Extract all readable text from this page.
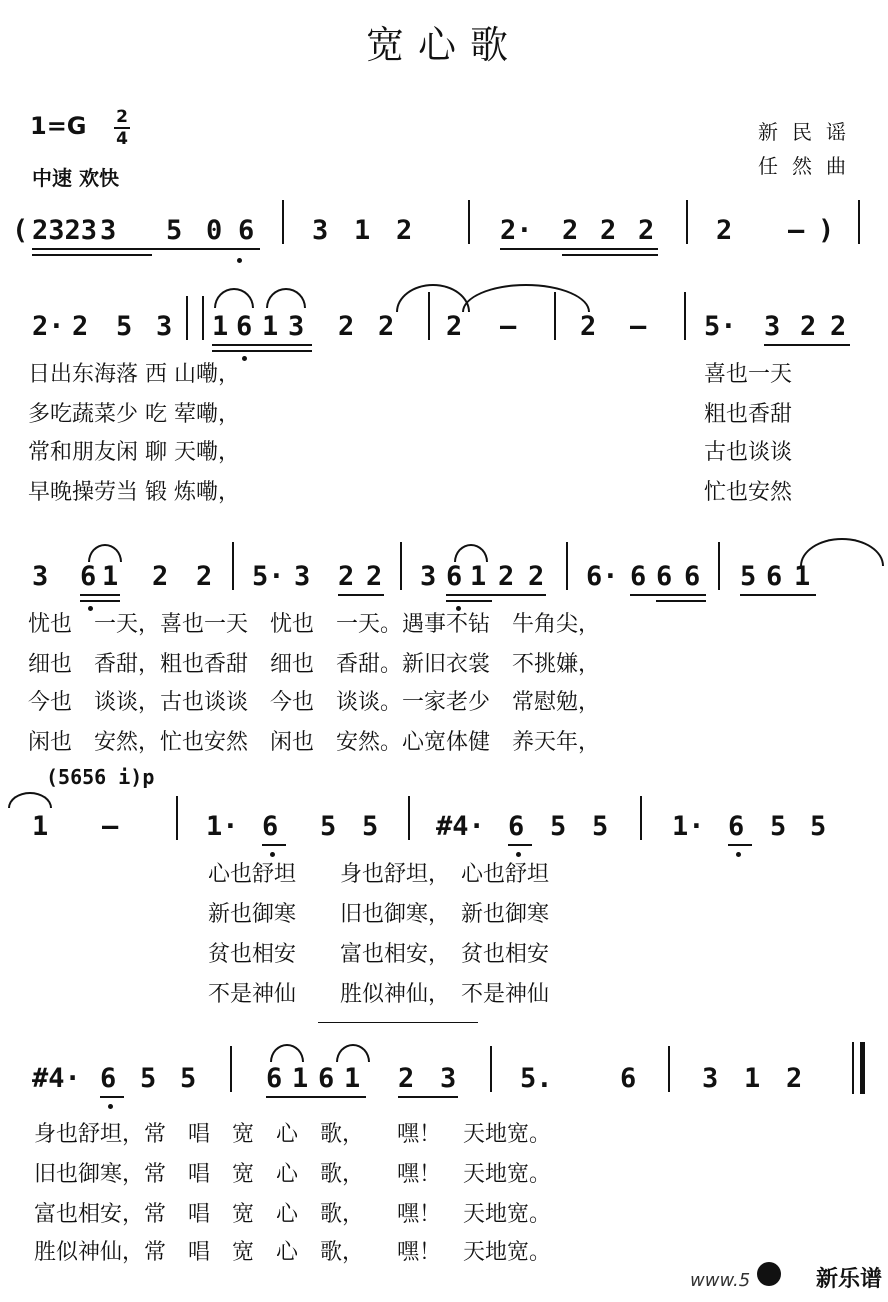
宽心歌
1=G 2
4
中速 欢快
新民谣
任然曲
( 2323 3 5 0 6 3 1 2	2· 2 2 2 2 – )
2· 2 5 3 1 6 1 3 2 2 2 – 2 – 5· 3 2 2
日出东海落 西 山嘞，
多吃蔬菜少 吃 荤嘞，
常和朋友闲 聊 天嘞，
早晚操劳当 锻 炼嘞，
喜也一天
粗也香甜
古也谈谈
忙也安然
3 6 1 2 2 5· 3 2 2 3 6 1 2 2 6· 6 6 6 5 6 1
忧也　一天，喜也一天　忧也　一天。遇事不钻　牛角尖，
细也　香甜，粗也香甜　细也　香甜。新旧衣裳　不挑嫌，
今也　谈谈，古也谈谈　今也　谈谈。一家老少　常慰勉，
闲也　安然，忙也安然　闲也　安然。心宽体健　养天年，
(5656 i)p
1 –	1· 6 5 5 #4· 6 5 5 1· 6 5 5
心也舒坦　　身也舒坦，　心也舒坦
新也御寒　　旧也御寒，　新也御寒
贫也相安　　富也相安，　贫也相安
不是神仙　　胜似神仙，　不是神仙
#4· 6 5 5	6 1 6 1 2 3 5. 6 3 1 2
身也舒坦，常　唱　宽　心　歌，　　嘿！　天地宽。
旧也御寒，常　唱　宽　心　歌，　　嘿！　天地宽。
富也相安，常　唱　宽　心　歌，　　嘿！　天地宽。
胜似神仙，常　唱　宽　心　歌，　　嘿！　天地宽。
www.5	新乐谱
